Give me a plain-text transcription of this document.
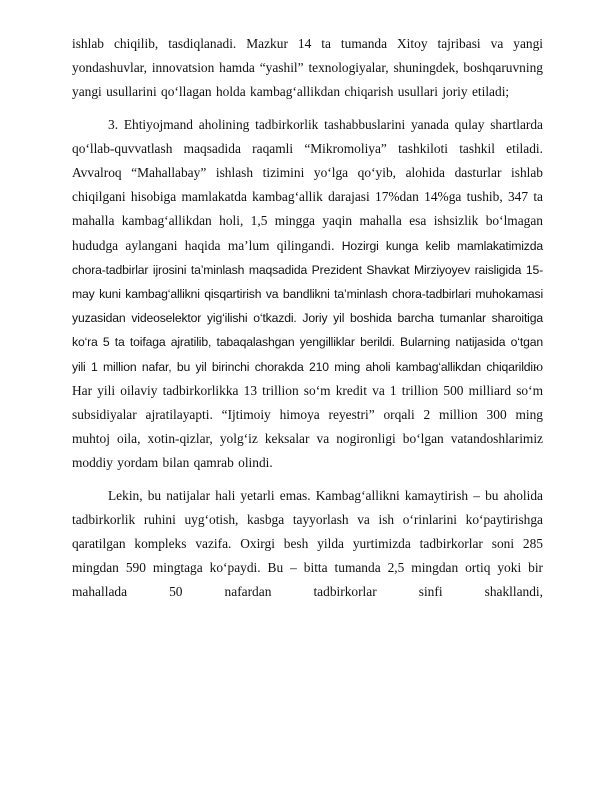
ishlab chiqilib, tasdiqlanadi. Mazkur 14 ta tumanda Xitoy tajribasi va yangi yondashuvlar, innovatsion hamda “yashil” texnologiyalar, shuningdek, boshqaruvning yangi usullarini qo‘llagan holda kambag‘allikdan chiqarish usullari joriy etiladi;

3. Ehtiyojmand aholining tadbirkorlik tashabbuslarini yanada qulay shartlarda qo‘llab-quvvatlash maqsadida raqamli “Mikromoliya” tashkiloti tashkil etiladi. Avvalroq “Mahallabay” ishlash tizimini yo‘lga qo‘yib, alohida dasturlar ishlab chiqilgani hisobiga mamlakatda kambag‘allik darajasi 17%dan 14%ga tushib, 347 ta mahalla kambag‘allikdan holi, 1,5 mingga yaqin mahalla esa ishsizlik bo‘lmagan hududga aylangani haqida ma’lum qilingandi. Hozirgi kunga kelib mamlakatimizda chora-tadbirlar ijrosini ta’minlash maqsadida Prezident Shavkat Mirziyoyev raisligida 15-may kuni kambag‘allikni qisqartirish va bandlikni ta’minlash chora-tadbirlari muhokamasi yuzasidan videoselektor yig‘ilishi o‘tkazdi. Joriy yil boshida barcha tumanlar sharoitiga ko‘ra 5 ta toifaga ajratilib, tabaqalashgan yengilliklar berildi. Bularning natijasida o‘tgan yili 1 million nafar, bu yil birinchi chorakda 210 ming aholi kambag‘allikdan chiqarildiю Har yili oilaviy tadbirkorlikka 13 trillion so‘m kredit va 1 trillion 500 milliard so‘m subsidiyalar ajratilayapti. “Ijtimoiy himoya reyestri” orqali 2 million 300 ming muhtoj oila, xotin-qizlar, yolg‘iz keksalar va nogironligi bo‘lgan vatandoshlarimiz moddiy yordam bilan qamrab olindi.

Lekin, bu natijalar hali yetarli emas. Kambag‘allikni kamaytirish – bu aholida tadbirkorlik ruhini uyg‘otish, kasbga tayyorlash va ish o‘rinlarini ko‘paytirishga qaratilgan kompleks vazifa. Oxirgi besh yilda yurtimizda tadbirkorlar soni 285 mingdan 590 mingtaga ko‘paydi. Bu – bitta tumanda 2,5 mingdan ortiq yoki bir mahallada 50 nafardan tadbirkorlar sinfi shakllandi,
